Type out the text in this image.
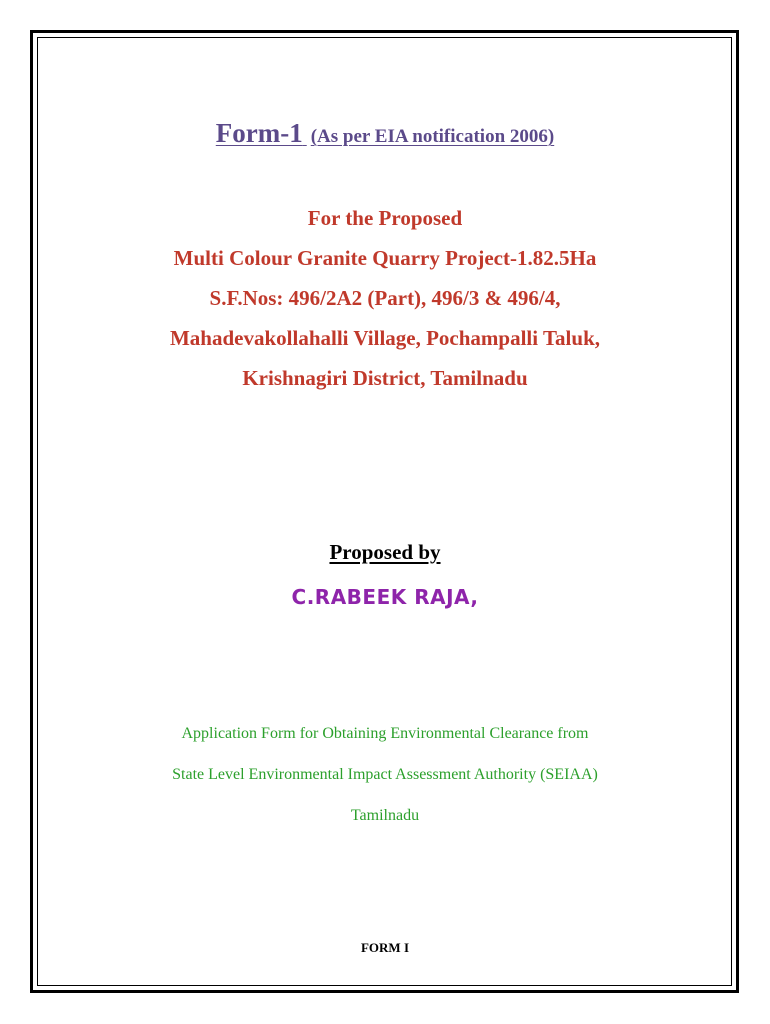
Form-1 (As per EIA notification 2006)
For the Proposed
Multi Colour Granite Quarry Project-1.82.5Ha
S.F.Nos: 496/2A2 (Part), 496/3 & 496/4,
Mahadevakollahalli Village, Pochampalli Taluk,
Krishnagiri District, Tamilnadu
Proposed by
C.RABEEK RAJA,
Application Form for Obtaining Environmental Clearance from
State Level Environmental Impact Assessment Authority (SEIAA)
Tamilnadu
FORM I
